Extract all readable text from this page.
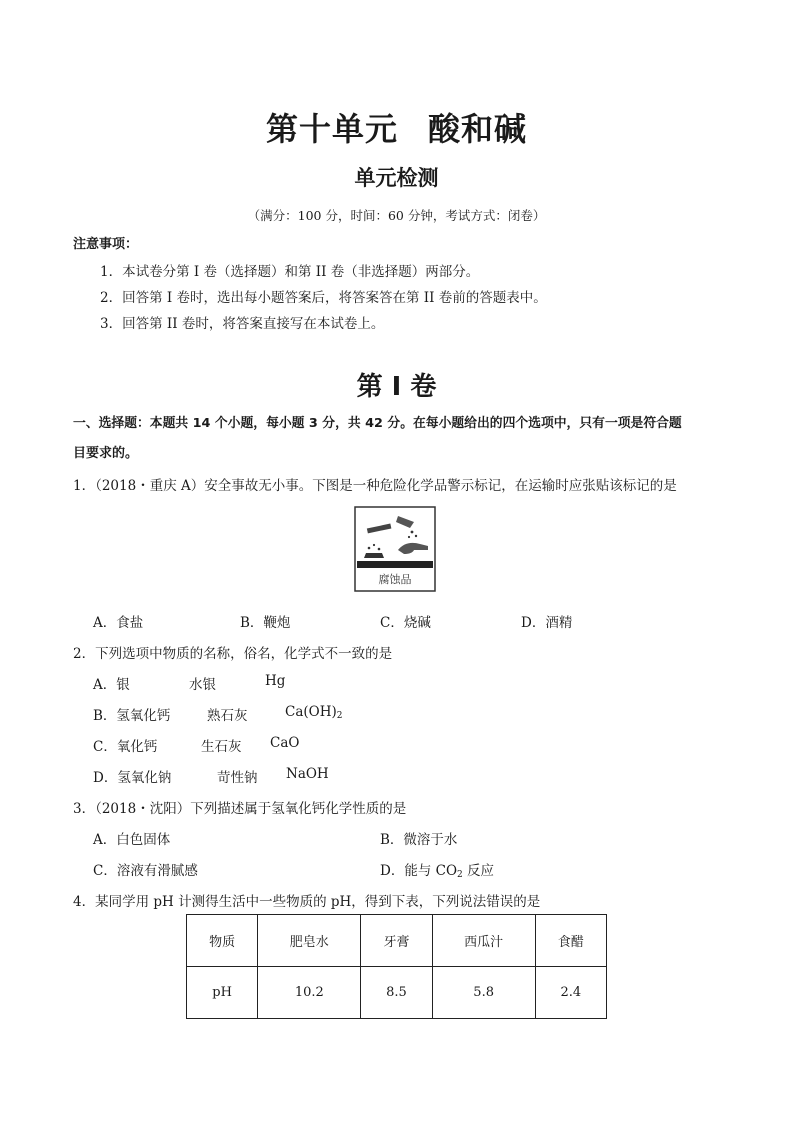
第十单元 酸和碱
单元检测
（满分：100 分，时间：60 分钟，考试方式：闭卷）
注意事项：
1．本试卷分第 I 卷（选择题）和第 II 卷（非选择题）两部分。
2．回答第 I 卷时，选出每小题答案后，将答案答在第 II 卷前的答题表中。
3．回答第 II 卷时，将答案直接写在本试卷上。
第 I 卷
一、选择题：本题共 14 个小题，每小题 3 分，共 42 分。在每小题给出的四个选项中，只有一项是符合题
目要求的。
1．（2018・重庆 A）安全事故无小事。下图是一种危险化学品警示标记，在运输时应张贴该标记的是
腐蚀品
A．食盐	B．鞭炮	C．烧碱	D．酒精
2．下列选项中物质的名称，俗名，化学式不一致的是
A．银	水银	Hg
B．氢氧化钙	熟石灰	$Ca(OH)_2$
C．氧化钙	生石灰 CaO
D．氢氧化钠	苛性钠 NaOH
3．（2018・沈阳）下列描述属于氢氧化钙化学性质的是
A．白色固体	B．微溶于水
C．溶液有滑腻感	D．能与 $CO_2$ 反应
4．某同学用 pH 计测得生活中一些物质的 pH，得到下表，下列说法错误的是
物质	肥皂水	牙膏	西瓜汁	食醋
pH	10.2	8.5	5.8	2.4
